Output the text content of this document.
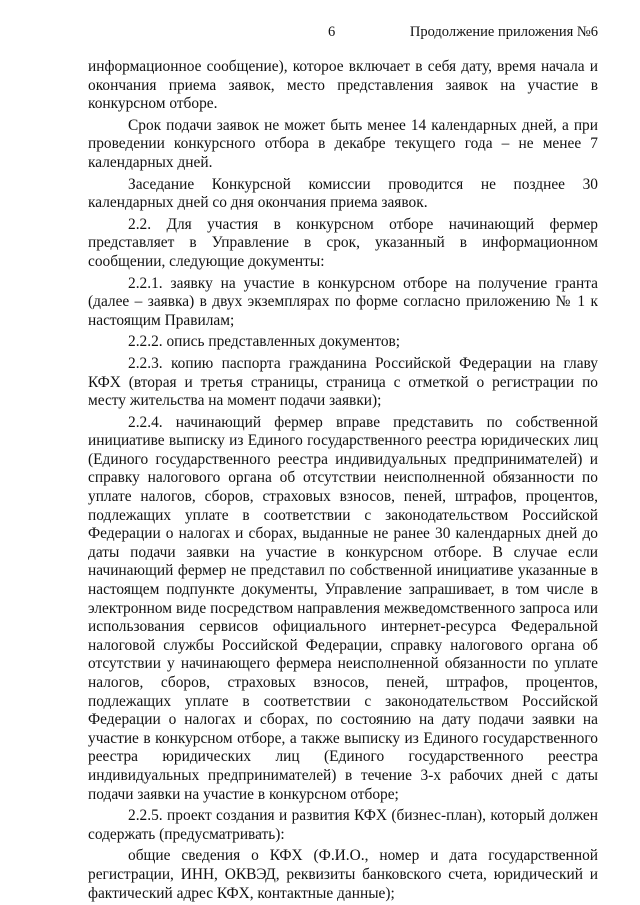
6	Продолжение приложения №6

информационное сообщение), которое включает в себя дату, время начала и окончания приема заявок, место представления заявок на участие в конкурсном отборе.

Срок подачи заявок не может быть менее 14 календарных дней, а при проведении конкурсного отбора в декабре текущего года – не менее 7 календарных дней.

Заседание Конкурсной комиссии проводится не позднее 30 календарных дней со дня окончания приема заявок.

2.2. Для участия в конкурсном отборе начинающий фермер представляет в Управление в срок, указанный в информационном сообщении, следующие документы:

2.2.1. заявку на участие в конкурсном отборе на получение гранта (далее – заявка) в двух экземплярах по форме согласно приложению № 1 к настоящим Правилам;

2.2.2. опись представленных документов;

2.2.3. копию паспорта гражданина Российской Федерации на главу КФХ (вторая и третья страницы, страница с отметкой о регистрации по месту жительства на момент подачи заявки);

2.2.4. начинающий фермер вправе представить по собственной инициативе выписку из Единого государственного реестра юридических лиц (Единого государственного реестра индивидуальных предпринимателей) и справку налогового органа об отсутствии неисполненной обязанности по уплате налогов, сборов, страховых взносов, пеней, штрафов, процентов, подлежащих уплате в соответствии с законодательством Российской Федерации о налогах и сборах, выданные не ранее 30 календарных дней до даты подачи заявки на участие в конкурсном отборе. В случае если начинающий фермер не представил по собственной инициативе указанные в настоящем подпункте документы, Управление запрашивает, в том числе в электронном виде посредством направления межведомственного запроса или использования сервисов официального интернет-ресурса Федеральной налоговой службы Российской Федерации, справку налогового органа об отсутствии у начинающего фермера неисполненной обязанности по уплате налогов, сборов, страховых взносов, пеней, штрафов, процентов, подлежащих уплате в соответствии с законодательством Российской Федерации о налогах и сборах, по состоянию на дату подачи заявки на участие в конкурсном отборе, а также выписку из Единого государственного реестра юридических лиц (Единого государственного реестра индивидуальных предпринимателей) в течение 3-х рабочих дней с даты подачи заявки на участие в конкурсном отборе;

2.2.5. проект создания и развития КФХ (бизнес-план), который должен содержать (предусматривать):

общие сведения о КФХ (Ф.И.О., номер и дата государственной регистрации, ИНН, ОКВЭД, реквизиты банковского счета, юридический и фактический адрес КФХ, контактные данные);
